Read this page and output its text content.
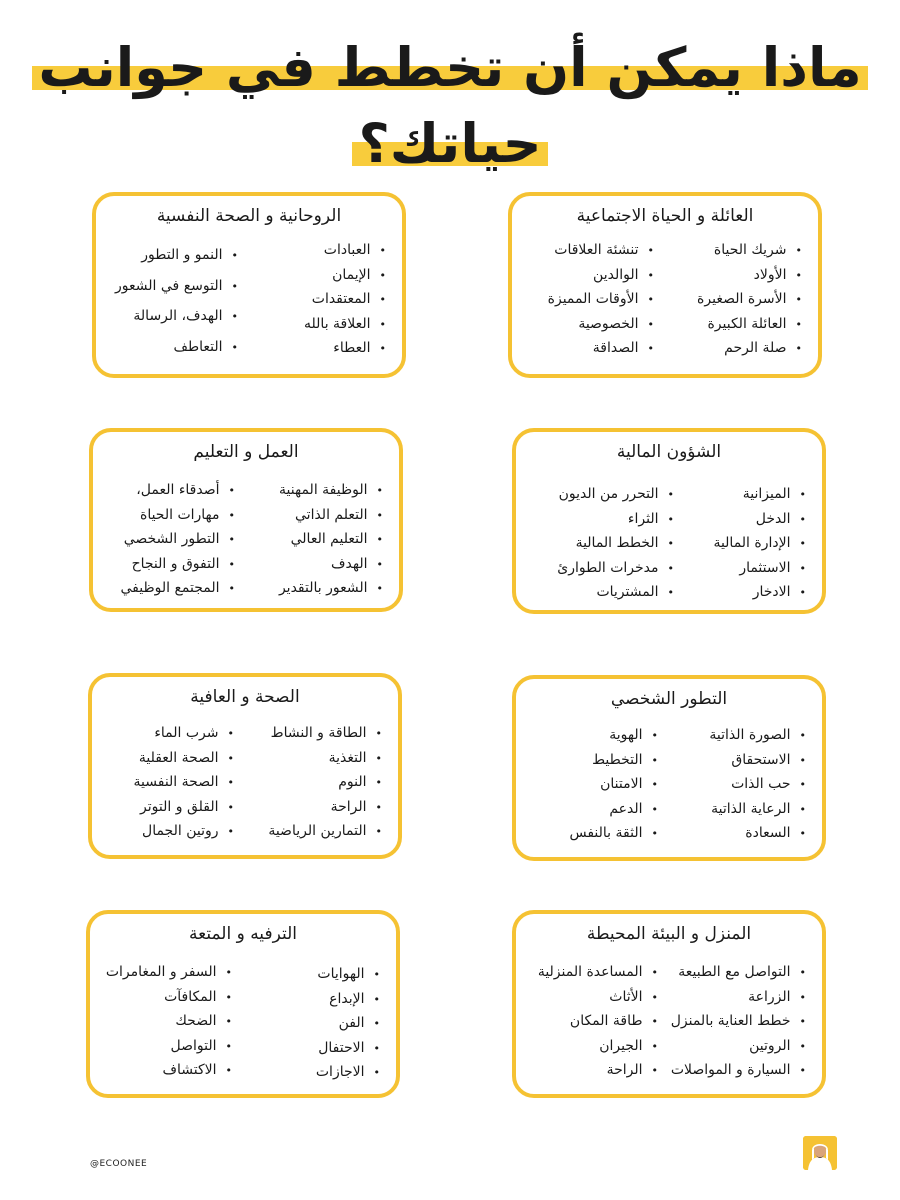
ماذا يمكن أن تخطط في جوانب
حياتك؟
العائلة و الحياة الاجتماعية
• شريك الحياة
• الأولاد
• الأسرة الصغيرة
• العائلة الكبيرة
• صلة الرحم
• تنشئة العلاقات
• الوالدين
• الأوقات المميزة
• الخصوصية
• الصداقة
الروحانية و الصحة النفسية
• العبادات
• الإيمان
• المعتقدات
• العلاقة بالله
• العطاء
• النمو و التطور
• التوسع في الشعور
• الهدف، الرسالة
• التعاطف
الشؤون المالية
• الميزانية
• الدخل
• الإدارة المالية
• الاستثمار
• الادخار
• التحرر من الديون
• الثراء
• الخطط المالية
• مدخرات الطوارئ
• المشتريات
العمل و التعليم
• الوظيفة المهنية
• التعلم الذاتي
• التعليم العالي
• الهدف
• الشعور بالتقدير
• أصدقاء العمل،
• مهارات الحياة
• التطور الشخصي
• التفوق و النجاح
• المجتمع الوظيفي
التطور الشخصي
• الصورة الذاتية
• الاستحقاق
• حب الذات
• الرعاية الذاتية
• السعادة
• الهوية
• التخطيط
• الامتنان
• الدعم
• الثقة بالنفس
الصحة و العافية
• الطاقة و النشاط
• التغذية
• النوم
• الراحة
• التمارين الرياضية
• شرب الماء
• الصحة العقلية
• الصحة النفسية
• القلق و التوتر
• روتين الجمال
المنزل و البيئة المحيطة
• التواصل مع الطبيعة
• الزراعة
• خطط العناية بالمنزل
• الروتين
• السيارة و المواصلات
• المساعدة المنزلية
• الأثاث
• طاقة المكان
• الجيران
• الراحة
الترفيه و المتعة
• الهوايات
• الإبداع
• الفن
• الاحتفال
• الاجازات
• السفر و المغامرات
• المكافآت
• الضحك
• التواصل
• الاكتشاف
@ECOONEE
